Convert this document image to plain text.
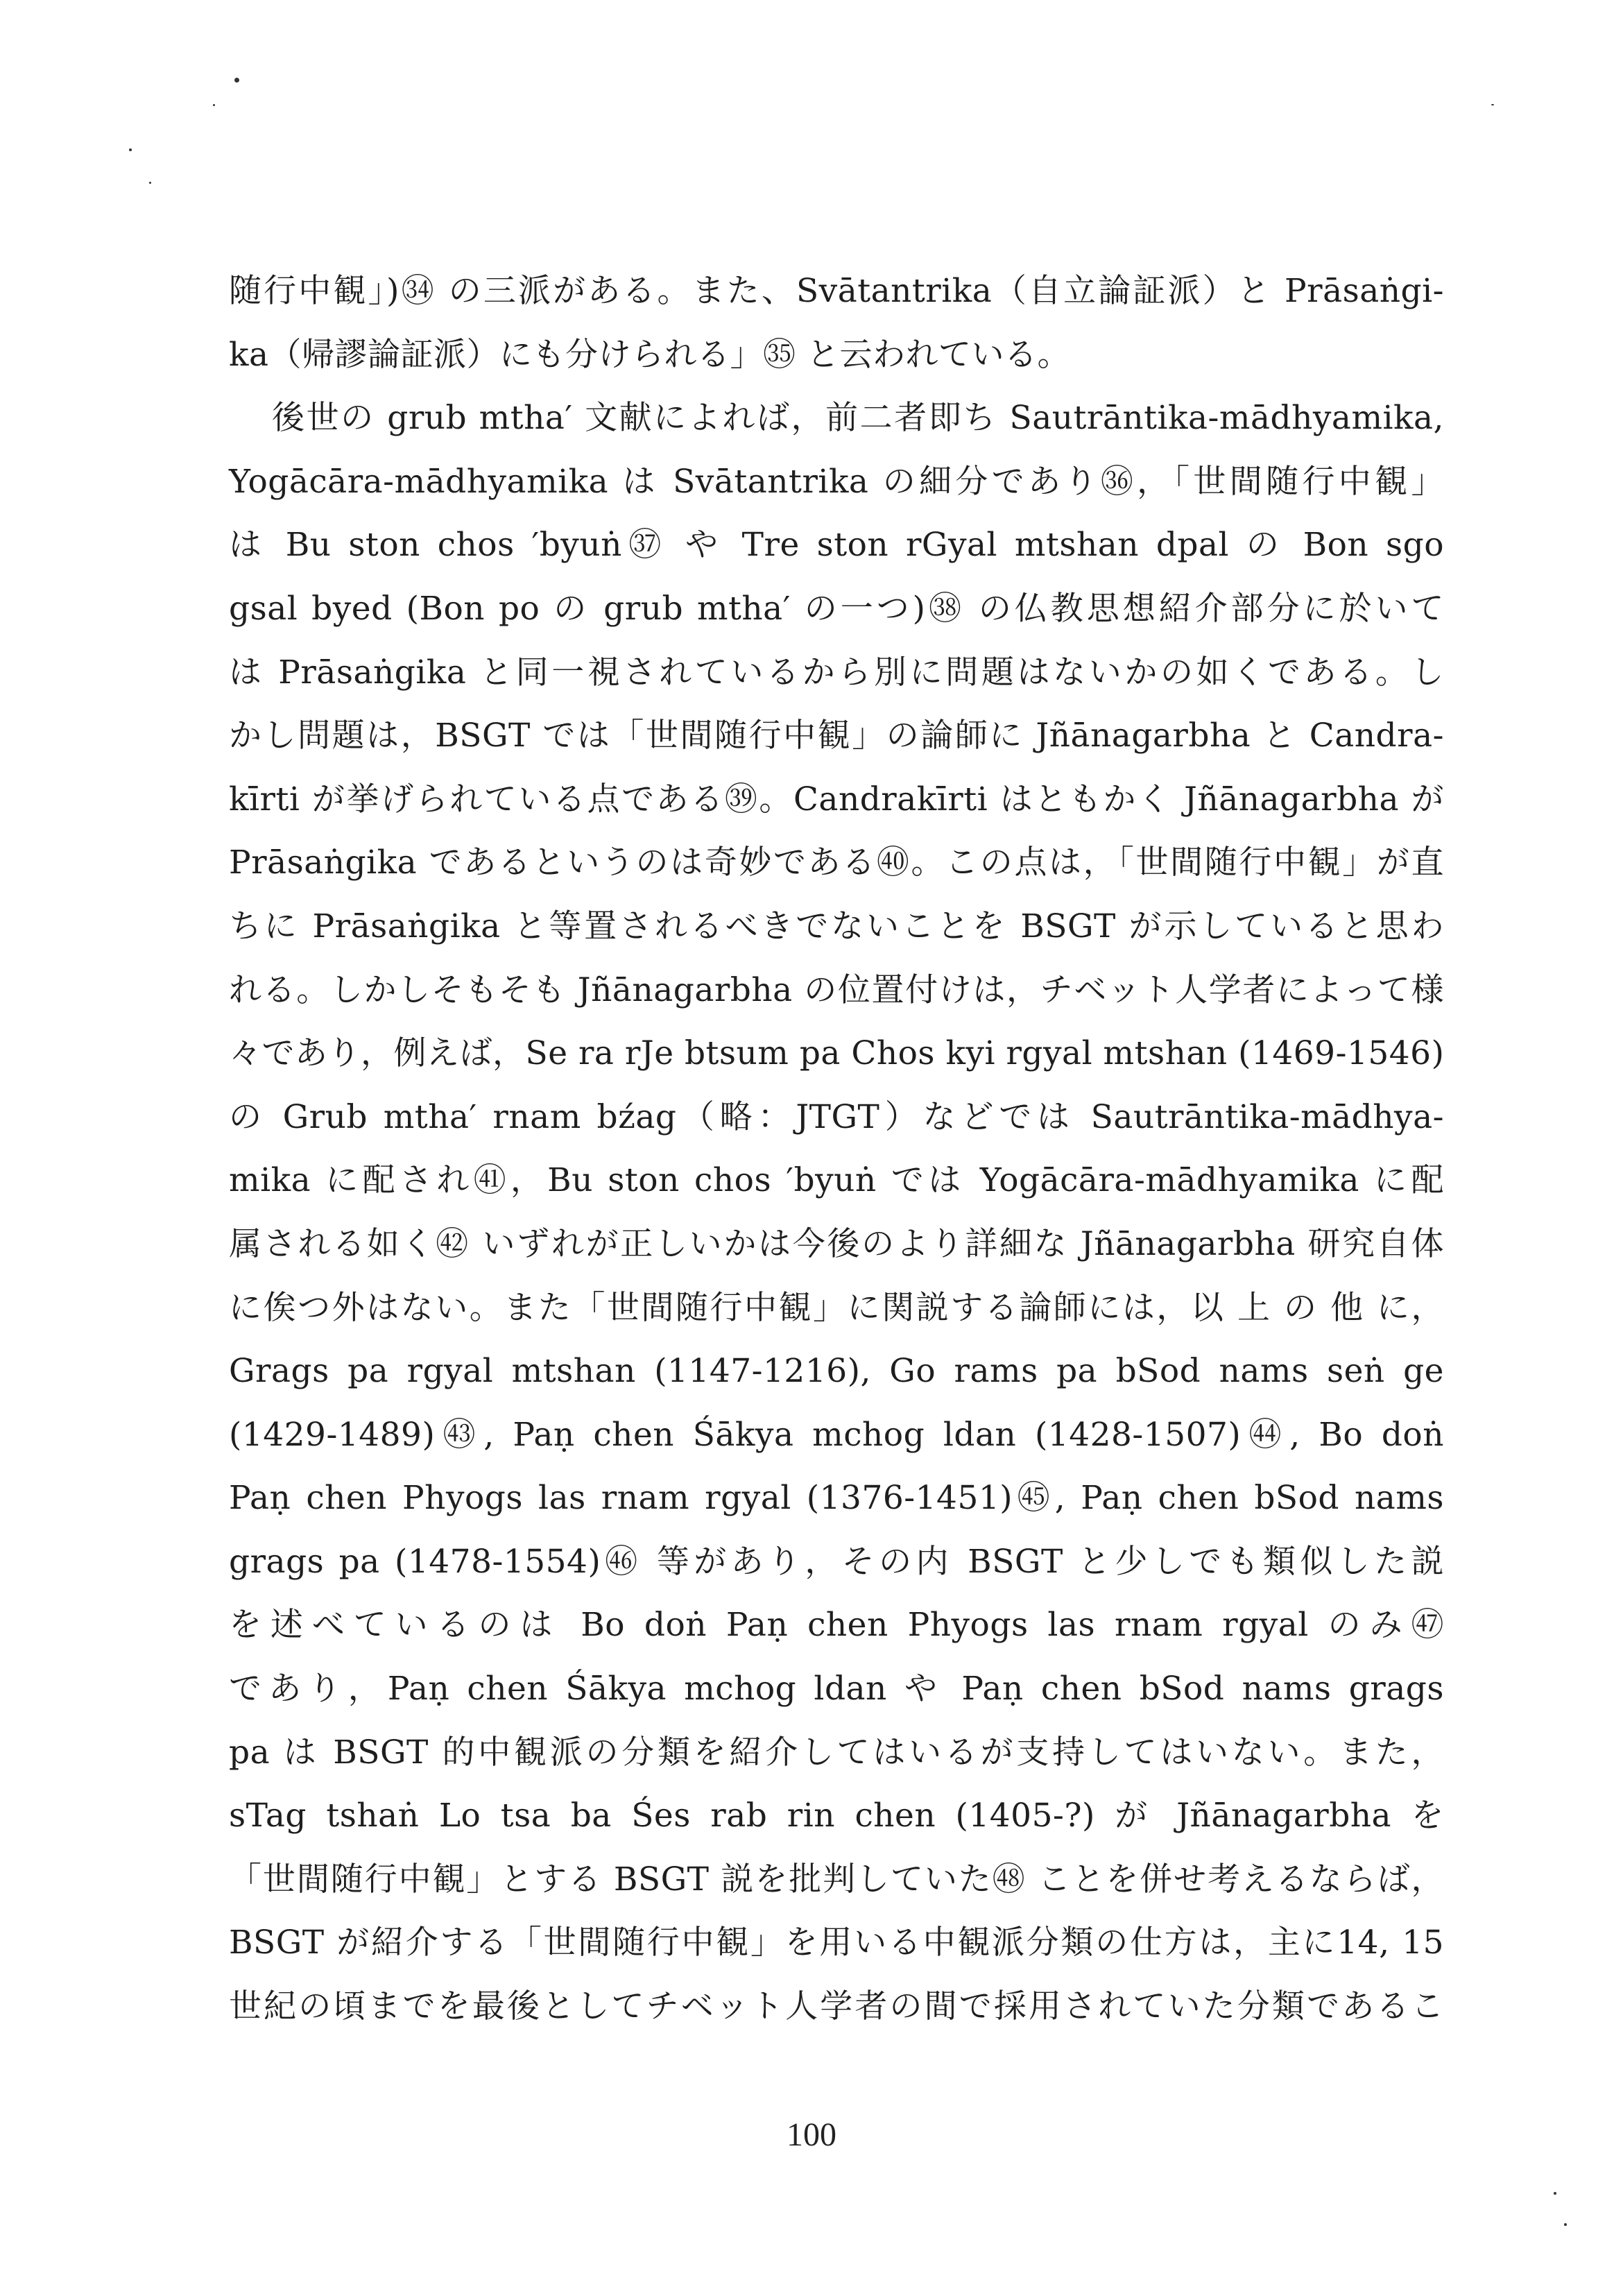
随行中観」)㉞ の三派がある。また、Svātantrika（自立論証派）と Prāsaṅgi-
ka（帰謬論証派）にも分けられる」㉟ と云われている。
後世の grub mtha′ 文献によれば，前二者即ち Sautrāntika-mādhyamika,
Yogācāra-mādhyamika は Svātantrika の細分であり㊱，「世間随行中観」
は Bu ston chos ′byuṅ㊲ や Tre ston rGyal mtshan dpal の Bon sgo
gsal byed (Bon po の grub mtha′ の一つ)㊳ の仏教思想紹介部分に於いて
は Prāsaṅgika と同一視されているから別に問題はないかの如くである。し
かし問題は，BSGT では「世間随行中観」の論師に Jñānagarbha と Candra-
kīrti が挙げられている点である㊴。Candrakīrti はともかく Jñānagarbha が
Prāsaṅgika であるというのは奇妙である㊵。この点は，「世間随行中観」が直
ちに Prāsaṅgika と等置されるべきでないことを BSGT が示していると思わ
れる。しかしそもそも Jñānagarbha の位置付けは，チベット人学者によって様
々であり，例えば，Se ra rJe btsum pa Chos kyi rgyal mtshan (1469-1546)
の Grub mtha′ rnam bźag（略：JTGT）などでは Sautrāntika-mādhya-
mika に配され㊶，Bu ston chos ′byuṅ では Yogācāra-mādhyamika に配
属される如く㊷ いずれが正しいかは今後のより詳細な Jñānagarbha 研究自体
に俟つ外はない。また「世間随行中観」に関説する論師には，以 上 の 他 に，
Grags pa rgyal mtshan (1147-1216), Go rams pa bSod nams seṅ ge
(1429-1489)㊸, Paṇ chen Śākya mchog ldan (1428-1507)㊹, Bo doṅ
Paṇ chen Phyogs las rnam rgyal (1376-1451)㊺, Paṇ chen bSod nams
grags pa (1478-1554)㊻ 等があり，その内 BSGT と少しでも類似した説
を述べているのは Bo doṅ Paṇ chen Phyogs las rnam rgyal のみ㊼
であり，Paṇ chen Śākya mchog ldan や Paṇ chen bSod nams grags
pa は BSGT 的中観派の分類を紹介してはいるが支持してはいない。また，
sTag tshaṅ Lo tsa ba Śes rab rin chen (1405-?) が Jñānagarbha を
「世間随行中観」とする BSGT 説を批判していた㊽ ことを併せ考えるならば，
BSGT が紹介する「世間随行中観」を用いる中観派分類の仕方は，主に14, 15
世紀の頃までを最後としてチベット人学者の間で採用されていた分類であるこ
100
